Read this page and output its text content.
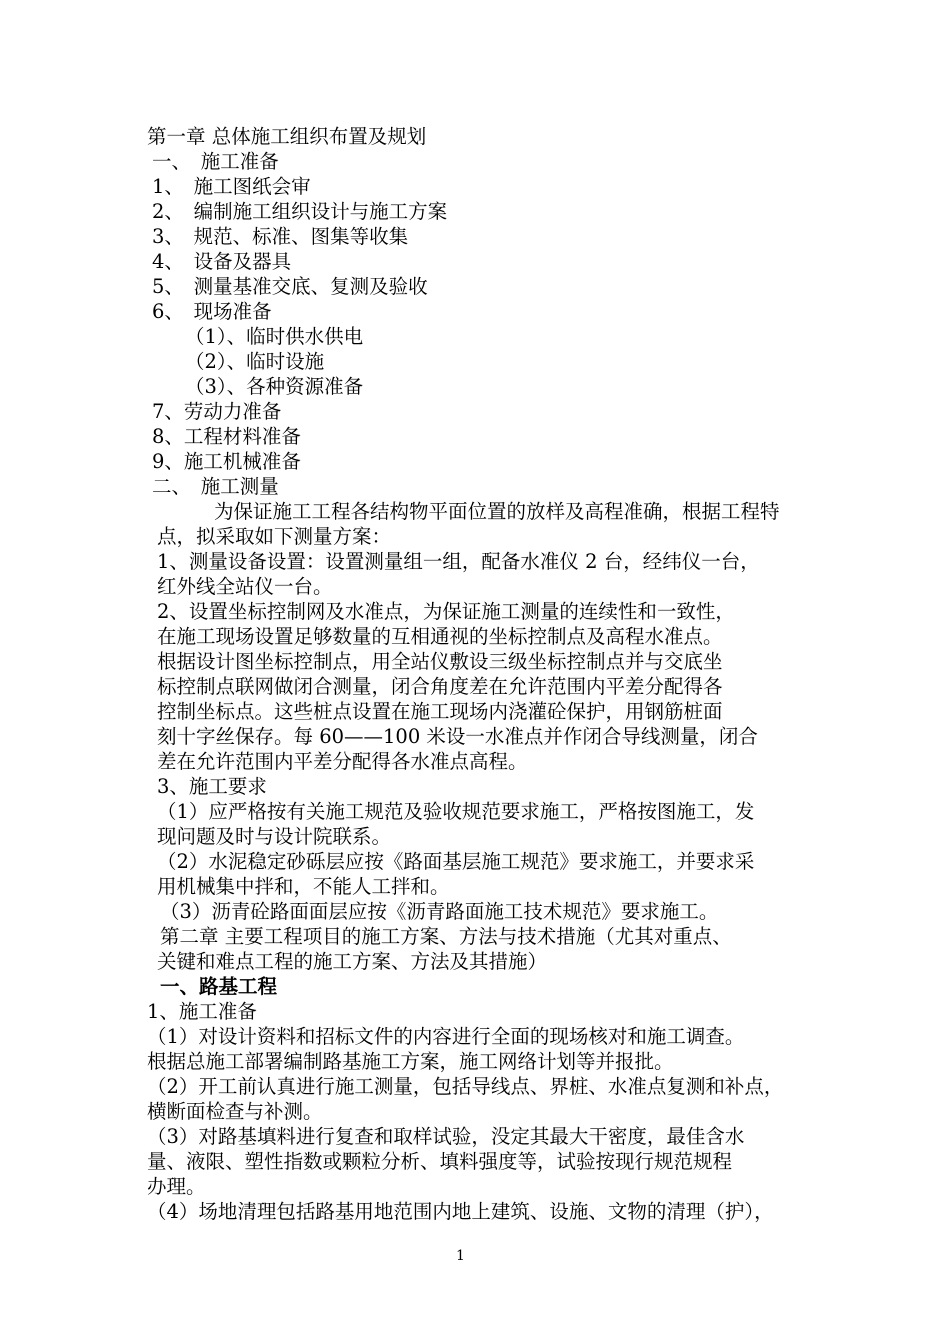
第一章 总体施工组织布置及规划
一、　施工准备
1、　施工图纸会审
2、　编制施工组织设计与施工方案
3、　规范、标准、图集等收集
4、　设备及器具
5、　测量基准交底、复测及验收
6、　现场准备
（1）、临时供水供电
（2）、临时设施
（3）、各种资源准备
7、劳动力准备
8、工程材料准备
9、施工机械准备
二、　施工测量
为保证施工工程各结构物平面位置的放样及高程准确，根据工程特
点，拟采取如下测量方案：
1、测量设备设置：设置测量组一组，配备水准仪 2 台，经纬仪一台，
红外线全站仪一台。
2、设置坐标控制网及水准点，为保证施工测量的连续性和一致性，
在施工现场设置足够数量的互相通视的坐标控制点及高程水准点。
根据设计图坐标控制点，用全站仪敷设三级坐标控制点并与交底坐
标控制点联网做闭合测量，闭合角度差在允许范围内平差分配得各
控制坐标点。这些桩点设置在施工现场内浇灌砼保护，用钢筋桩面
刻十字丝保存。每 60——100 米设一水准点并作闭合导线测量，闭合
差在允许范围内平差分配得各水准点高程。
3、施工要求
（1）应严格按有关施工规范及验收规范要求施工，严格按图施工，发
现问题及时与设计院联系。
（2）水泥稳定砂砾层应按《路面基层施工规范》要求施工，并要求采
用机械集中拌和，不能人工拌和。
（3）沥青砼路面面层应按《沥青路面施工技术规范》要求施工。
第二章 主要工程项目的施工方案、方法与技术措施（尤其对重点、
关键和难点工程的施工方案、方法及其措施）
一、路基工程
1、施工准备
（1）对设计资料和招标文件的内容进行全面的现场核对和施工调查。
根据总施工部署编制路基施工方案，施工网络计划等并报批。
（2）开工前认真进行施工测量，包括导线点、界桩、水准点复测和补点，
横断面检查与补测。
（3）对路基填料进行复查和取样试验，没定其最大干密度，最佳含水
量、液限、塑性指数或颗粒分析、填料强度等，试验按现行规范规程
办理。
（4）场地清理包括路基用地范围内地上建筑、设施、文物的清理（护），
1
